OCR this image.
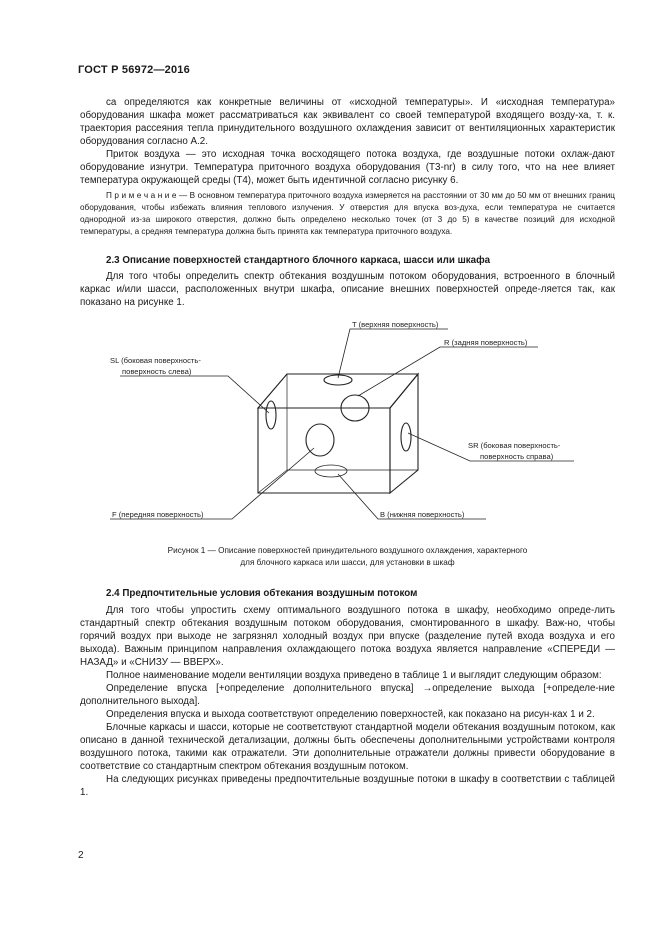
ГОСТ Р 56972—2016

са определяются как конкретные величины от «исходной температуры». И «исходная температура» оборудования шкафа может рассматриваться как эквивалент со своей температурой входящего возду-ха, т. к. траектория рассеяния тепла принудительного воздушного охлаждения зависит от вентиляционных характеристик оборудования согласно А.2.

Приток воздуха — это исходная точка восходящего потока воздуха, где воздушные потоки охлаж-дают оборудование изнутри. Температура приточного воздуха оборудования (Т3-nr) в силу того, что на нее влияет температура окружающей среды (Т4), может быть идентичной согласно рисунку 6.

П р и м е ч а н и е — В основном температура приточного воздуха измеряется на расстоянии от 30 мм до 50 мм от внешних границ оборудования, чтобы избежать влияния теплового излучения. У отверстия для впуска воз-духа, если температура не считается однородной из-за широкого отверстия, должно быть определено несколько точек (от 3 до 5) в качестве позиций для исходной температуры, а средняя температура должна быть принята как температура приточного воздуха.

2.3 Описание поверхностей стандартного блочного каркаса, шасси или шкафа

Для того чтобы определить спектр обтекания воздушным потоком оборудования, встроенного в блочный каркас и/или шасси, расположенных внутри шкафа, описание внешних поверхностей опреде-ляется так, как показано на рисунке 1.

T (верхняя поверхность)
R (задняя поверхность)
SL (боковая поверхность-
поверхность слева)
SR (боковая поверхность-
поверхность справа)
F (передняя поверхность)	B (нижняя поверхность)
Рисунок 1 — Описание поверхностей принудительного воздушного охлаждения, характерного
для блочного каркаса или шасси, для установки в шкаф
2.4 Предпочтительные условия обтекания воздушным потоком

Для того чтобы упростить схему оптимального воздушного потока в шкафу, необходимо опреде-лить стандартный спектр обтекания воздушным потоком оборудования, смонтированного в шкафу. Важ-но, чтобы горячий воздух при выходе не загрязнял холодный воздух при впуске (разделение путей входа воздуха и его выхода). Важным принципом направления охлаждающего потока воздуха является направление «СПЕРЕДИ — НАЗАД» и «СНИЗУ — ВВЕРХ».

Полное наименование модели вентиляции воздуха приведено в таблице 1 и выглядит следующим образом:

Определение впуска [+определение дополнительного впуска] →определение выхода [+определе-ние дополнительного выхода].

Определения впуска и выхода соответствуют определению поверхностей, как показано на рисун-ках 1 и 2.

Блочные каркасы и шасси, которые не соответствуют стандартной модели обтекания воздушным потоком, как описано в данной технической детализации, должны быть обеспечены дополнительными устройствами контроля воздушного потока, такими как отражатели. Эти дополнительные отражатели должны привести оборудование в соответствие со стандартным спектром обтекания воздушным потоком.

На следующих рисунках приведены предпочтительные воздушные потоки в шкафу в соответствии с таблицей 1.

2
